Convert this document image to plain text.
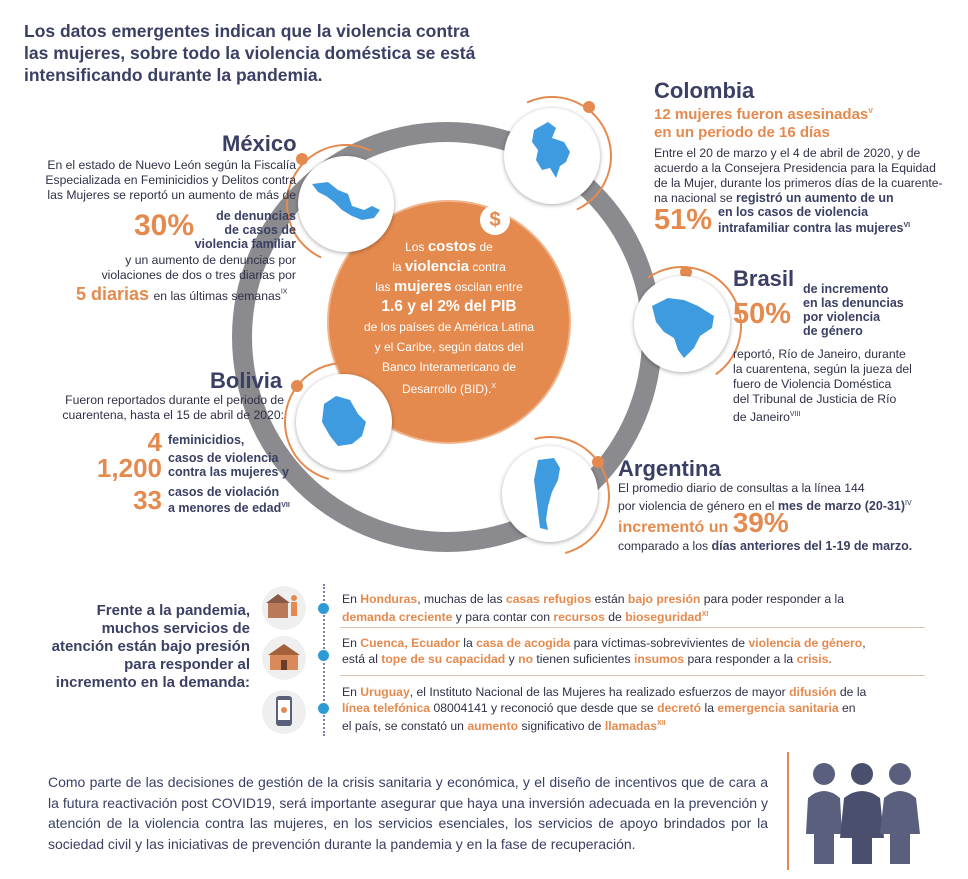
Los datos emergentes indican que la violencia contra las mujeres, sobre todo la violencia doméstica se está intensificando durante la pandemia.
$
Los costos de
la violencia contra
las mujeres oscilan entre
1.6 y el 2% del PIB
de los países de América Latina
y el Caribe, según datos del
Banco Interamericano de
Desarrollo (BID).$^X$
México
En el estado de Nuevo León según la Fiscalía Especializada en Feminicidios y Delitos contra las Mujeres se reportó un aumento de más de
30%	de denuncias
de casos de
violencia familiar
y un aumento de denuncias por violaciones de dos o tres diarias por
5 diarias en las últimas semanas$^{IX}$
Colombia
12 mujeres fueron asesinadas$^V$
en un periodo de 16 días
Entre el 20 de marzo y el 4 de abril de 2020, y de
acuerdo a la Consejera Presidencia para la Equidad
de la Mujer, durante los primeros días de la cuarente-
na nacional se registró un aumento de un
51% en los casos de violencia
intrafamiliar contra las mujeres$^{VI}$
Brasil
50%
de incremento
en las denuncias
por violencia
de género
reportó, Río de Janeiro, durante
la cuarentena, según la jueza del
fuero de Violencia Doméstica
del Tribunal de Justicia de Río
de Janeiro$^{VIII}$
Bolivia
Fueron reportados durante el periodo de
cuarentena, hasta el 15 de abril de 2020:
4 feminicidios,
1,200 casos de violencia
contra las mujeres y
33 casos de violación
a menores de edad$^{VII}$
Argentina
El promedio diario de consultas a la línea 144
por violencia de género en el mes de marzo $(20-31)^{IV}$
incrementó un 39%
comparado a los días anteriores del 1-19 de marzo.
Frente a la pandemia, muchos servicios de atención están bajo presión para responder al incremento en la demanda:
En Honduras, muchas de las casas refugios están bajo presión para poder responder a la
demanda creciente y para contar con recursos de bioseguridad$^{XI}$
En Cuenca, Ecuador la casa de acogida para víctimas-sobrevivientes de violencia de género,
está al tope de su capacidad y no tienen suficientes insumos para responder a la crisis.
En Uruguay, el Instituto Nacional de las Mujeres ha realizado esfuerzos de mayor difusión de la
línea telefónica 08004141 y reconoció que desde que se decretó la emergencia sanitaria en
el país, se constató un aumento significativo de llamadas$^{XII}$
Como parte de las decisiones de gestión de la crisis sanitaria y económica, y el diseño de incentivos que de cara a la futura reactivación post COVID19, será importante asegurar que haya una inversión adecuada en la prevención y atención de la violencia contra las mujeres, en los servicios esenciales, los servicios de apoyo brindados por la sociedad civil y las iniciativas de prevención durante la pandemia y en la fase de recuperación.
